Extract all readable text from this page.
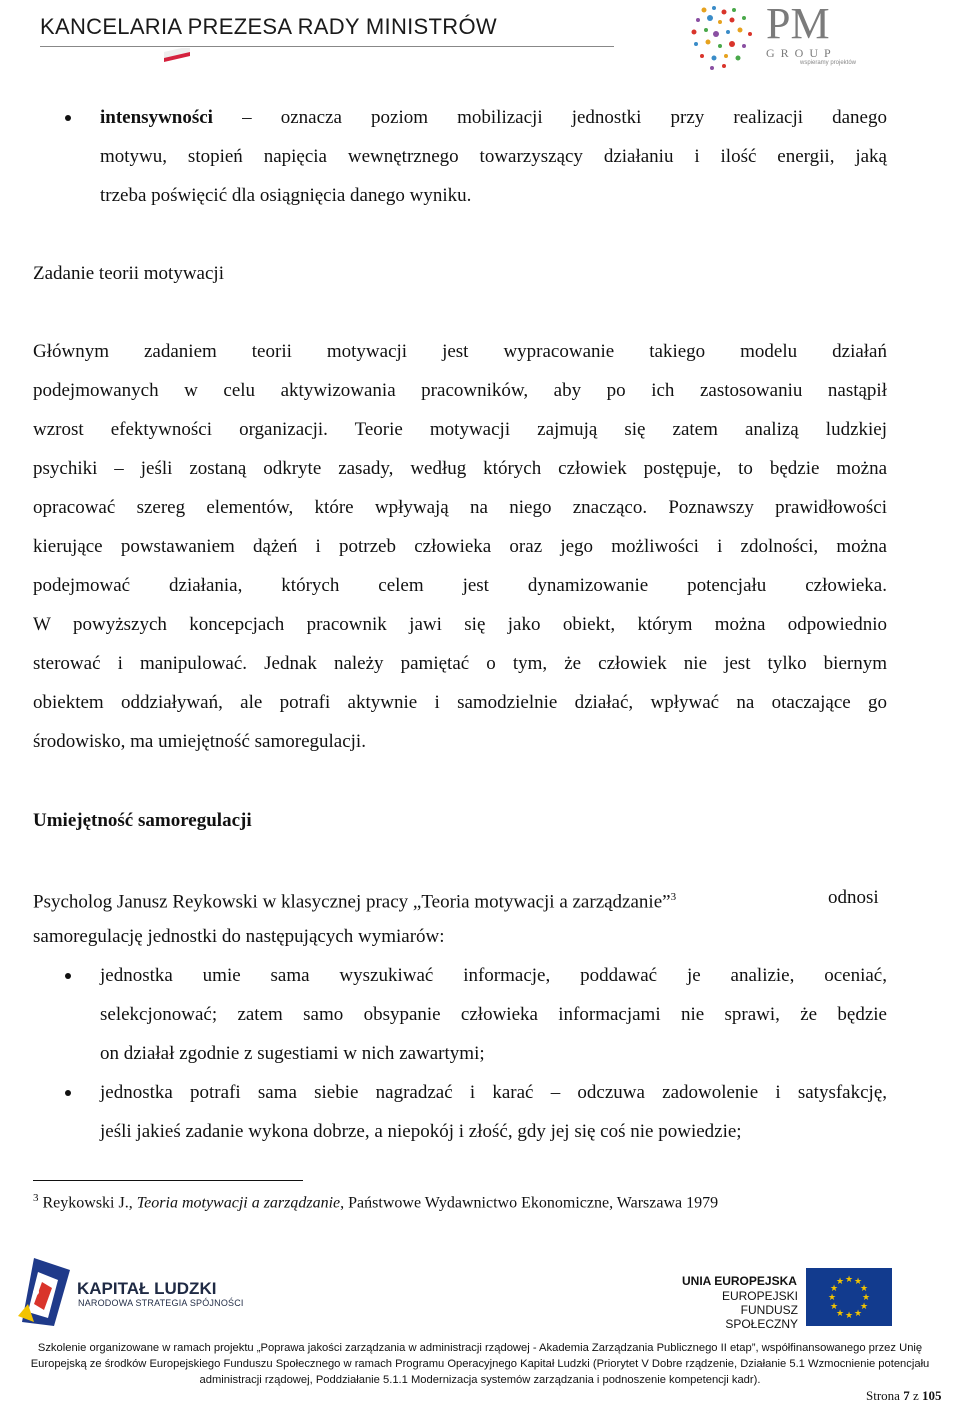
KANCELARIA PREZESA RADY MINISTRÓW	PM
GROUP
wspieramy projektów
intensywności – oznacza poziom mobilizacji jednostki przy realizacji danego
motywu, stopień napięcia wewnętrznego towarzyszący działaniu i ilość energii, jaką
trzeba poświęcić dla osiągnięcia danego wyniku.
Zadanie teorii motywacji
Głównym zadaniem teorii motywacji jest wypracowanie takiego modelu działań
podejmowanych w celu aktywizowania pracowników, aby po ich zastosowaniu nastąpił
wzrost efektywności organizacji. Teorie motywacji zajmują się zatem analizą ludzkiej
psychiki – jeśli zostaną odkryte zasady, według których człowiek postępuje, to będzie można
opracować szereg elementów, które wpływają na niego znacząco. Poznawszy prawidłowości
kierujące powstawaniem dążeń i potrzeb człowieka oraz jego możliwości i zdolności, można
podejmować działania, których celem jest dynamizowanie potencjału człowieka.
W powyższych koncepcjach pracownik jawi się jako obiekt, którym można odpowiednio
sterować i manipulować. Jednak należy pamiętać o tym, że człowiek nie jest tylko biernym
obiektem oddziaływań, ale potrafi aktywnie i samodzielnie działać, wpływać na otaczające go
środowisko, ma umiejętność samoregulacji.
Umiejętność samoregulacji
Psycholog Janusz Reykowski w klasycznej pracy „Teoria motywacji a zarządzanie”$^3$	odnosi
samoregulację jednostki do następujących wymiarów:
jednostka umie sama wyszukiwać informacje, poddawać je analizie, oceniać,
selekcjonować; zatem samo obsypanie człowieka informacjami nie sprawi, że będzie
on działał zgodnie z sugestiami w nich zawartymi;
jednostka potrafi sama siebie nagradzać i karać – odczuwa zadowolenie i satysfakcję,
jeśli jakieś zadanie wykona dobrze, a niepokój i złość, gdy jej się coś nie powiedzie;
$^3$ Reykowski J., Teoria motywacji a zarządzanie, Państwowe Wydawnictwo Ekonomiczne, Warszawa 1979
KAPITAŁ LUDZKI
NARODOWA STRATEGIA SPÓJNOŚCI
UNIA EUROPEJSKA
EUROPEJSKI
FUNDUSZ SPOŁECZNY
★ ★
★
★
★
★
★
★
★
★
★
★
Szkolenie organizowane w ramach projektu „Poprawa jakości zarządzania w administracji rządowej - Akademia Zarządzania Publicznego II etap”, współfinansowanego przez Unię
Europejską ze środków Europejskiego Funduszu Społecznego w ramach Programu Operacyjnego Kapitał Ludzki (Priorytet V Dobre rządzenie, Działanie 5.1 Wzmocnienie potencjału
administracji rządowej, Poddziałanie 5.1.1 Modernizacja systemów zarządzania i podnoszenie kompetencji kadr).
Strona 7 z 105
